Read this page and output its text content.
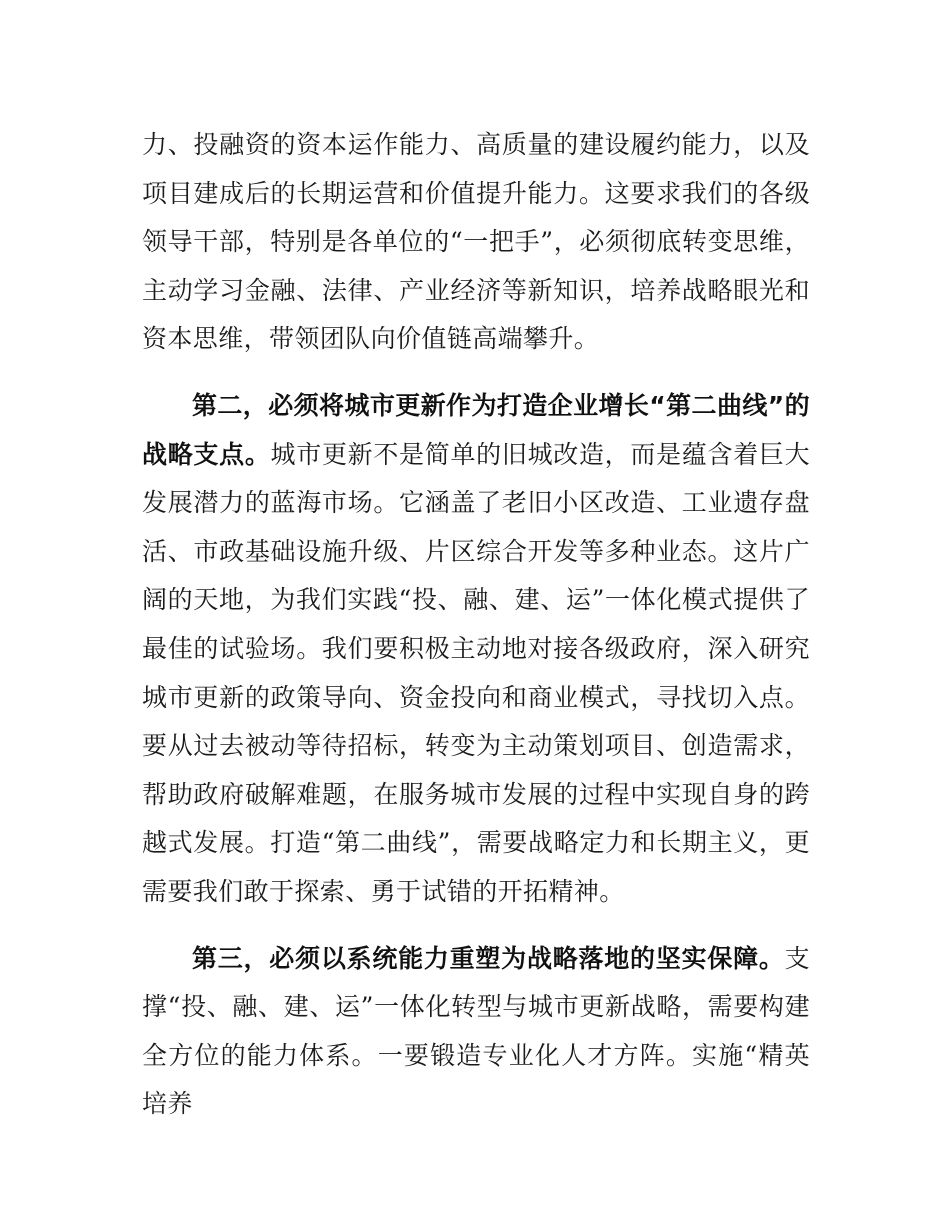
力、投融资的资本运作能力、高质量的建设履约能力，以及项目建成后的长期运营和价值提升能力。这要求我们的各级领导干部，特别是各单位的“一把手”，必须彻底转变思维，主动学习金融、法律、产业经济等新知识，培养战略眼光和资本思维，带领团队向价值链高端攀升。

第二，必须将城市更新作为打造企业增长“第二曲线”的战略支点。城市更新不是简单的旧城改造，而是蕴含着巨大发展潜力的蓝海市场。它涵盖了老旧小区改造、工业遗存盘活、市政基础设施升级、片区综合开发等多种业态。这片广阔的天地，为我们实践“投、融、建、运”一体化模式提供了最佳的试验场。我们要积极主动地对接各级政府，深入研究城市更新的政策导向、资金投向和商业模式，寻找切入点。要从过去被动等待招标，转变为主动策划项目、创造需求，帮助政府破解难题，在服务城市发展的过程中实现自身的跨越式发展。打造“第二曲线”，需要战略定力和长期主义，更需要我们敢于探索、勇于试错的开拓精神。

第三，必须以系统能力重塑为战略落地的坚实保障。支撑“投、融、建、运”一体化转型与城市更新战略，需要构建全方位的能力体系。一要锻造专业化人才方阵。实施“精英培养
